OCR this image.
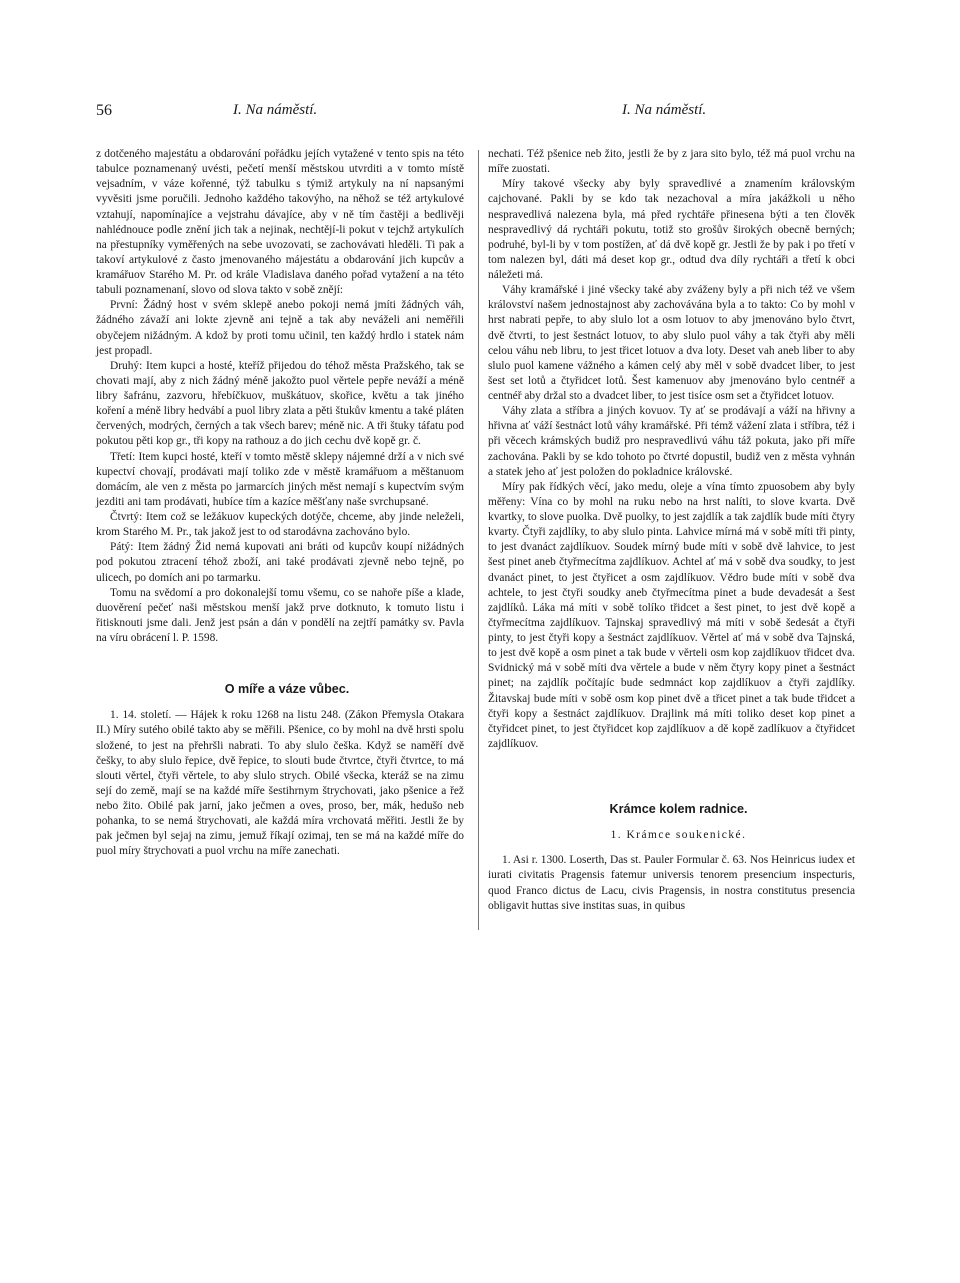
56	I. Na náměstí.	I. Na náměstí.

z dotčeného majestátu a obdarování pořádku jejích vytažené v tento spis na této tabulce poznamenaný uvésti, pečetí menší městskou utvrditi a v tomto místě vejsadním, v váze kořenné, týž tabulku s týmiž artykuly na ní napsanými vyvěsiti jsme poručili. Jednoho každého takovýho, na něhož se též artykulové vztahují, napomínajíce a vejstrahu dávajíce, aby v ně tím častěji a bedlivěji nahlédnouce podle znění jich tak a nejinak, nechtějí-li pokut v tejchž artykulích na přestupníky vyměřených na sebe uvozovati, se zachovávati hleděli. Ti pak a takoví artykulové z často jmenovaného májestátu a obdarování jich kupcův a kramářuov Starého M. Pr. od krále Vladislava daného pořad vytažení a na této tabuli poznamenaní, slovo od slova takto v sobě znějí:

První: Žádný host v svém sklepě anebo pokoji nemá jmíti žádných váh, žádného závaží ani lokte zjevně ani tejně a tak aby neváželi ani neměřili obyčejem nižádným. A kdož by proti tomu učinil, ten každý hrdlo i statek nám jest propadl.

Druhý: Item kupci a hosté, kteříž přijedou do téhož města Pražského, tak se chovati mají, aby z nich žádný méně jakožto puol věrtele pepře neváží a méně libry šafránu, zazvoru, hřebíčkuov, muškátuov, skořice, květu a tak jiného koření a méně libry hedvábí a puol libry zlata a pěti štukův kmentu a také pláten červených, modrých, černých a tak všech barev; méně nic. A tři štuky táfatu pod pokutou pěti kop gr., tři kopy na rathouz a do jich cechu dvě kopě gr. č.

Třetí: Item kupci hosté, kteří v tomto městě sklepy nájemné drží a v nich své kupectví chovají, prodávati mají toliko zde v městě kramářuom a měštanuom domácím, ale ven z města po jarmarcích jiných měst nemají s kupectvím svým jezditi ani tam prodávati, hubíce tím a kazíce měšťany naše svrchupsané.

Čtvrtý: Item což se ležákuov kupeckých dotýče, chceme, aby jinde neleželi, krom Starého M. Pr., tak jakož jest to od starodávna zachováno bylo.

Pátý: Item žádný Žid nemá kupovati ani bráti od kupcův koupí nižádných pod pokutou ztracení téhož zboží, ani také prodávati zjevně nebo tejně, po ulicech, po domích ani po tarmarku.

Tomu na svědomí a pro dokonalejší tomu všemu, co se nahoře píše a klade, duověrení pečeť naši městskou menší jakž prve dotknuto, k tomuto listu i řitisknouti jsme dali. Jenž jest psán a dán v pondělí na zejtří památky sv. Pavla na víru obrácení l. P. 1598.

O míře a váze vůbec.

1. 14. století. — Hájek k roku 1268 na listu 248. (Zákon Přemysla Otakara II.) Míry sutého obilé takto aby se měřili. Pšenice, co by mohl na dvě hrsti spolu složené, to jest na přehršli nabrati. To aby slulo češka. Když se naměří dvě češky, to aby slulo řepice, dvě řepice, to slouti bude čtvrtce, čtyři čtvrtce, to má slouti věrtel, čtyři věrtele, to aby slulo strych. Obilé všecka, kteráž se na zimu sejí do země, mají se na každé míře šestihrnym štrychovati, jako pšenice a řež nebo žito. Obilé pak jarní, jako ječmen a oves, proso, ber, mák, hedušo neb pohanka, to se nemá štrychovati, ale každá míra vrchovatá měřiti. Jestli že by pak ječmen byl sejaj na zimu, jemuž říkají ozimaj, ten se má na každé míře do puol míry štrychovati a puol vrchu na míře zanechati.

nechati. Též pšenice neb žito, jestli že by z jara sito bylo, též má puol vrchu na míře zuostati.

Míry takové všecky aby byly spravedlivé a znamením královským cajchované. Pakli by se kdo tak nezachoval a míra jakážkoli u něho nespravedlivá nalezena byla, má před rychtáře přinesena býti a ten člověk nespravedlivý dá rychtáři pokutu, totiž sto grošův širokých obecně berných; podruhé, byl-li by v tom postížen, ať dá dvě kopě gr. Jestli že by pak i po třetí v tom nalezen byl, dáti má deset kop gr., odtud dva díly rychtáři a třetí k obci náležeti má.

Váhy kramářské i jiné všecky také aby zváženy byly a při nich též ve všem království našem jednostajnost aby zachovávána byla a to takto: Co by mohl v hrst nabrati pepře, to aby slulo lot a osm lotuov to aby jmenováno bylo čtvrt, dvě čtvrti, to jest šestnáct lotuov, to aby slulo puol váhy a tak čtyři aby měli celou váhu neb libru, to jest třicet lotuov a dva loty. Deset vah aneb liber to aby slulo puol kamene vážného a kámen celý aby měl v sobě dvadcet liber, to jest šest set lotů a čtyřidcet lotů. Šest kamenuov aby jmenováno bylo centnéř a centnéř aby držal sto a dvadcet liber, to jest tisíce osm set a čtyřidcet lotuov.

Váhy zlata a stříbra a jiných kovuov. Ty ať se prodávají a váží na hřivny a hřivna ať váží šestnáct lotů váhy kramářské. Při témž vážení zlata i stříbra, též i při věcech krámských budiž pro nespravedlivú váhu táž pokuta, jako při míře zachována. Pakli by se kdo tohoto po čtvrté dopustil, budiž ven z města vyhnán a statek jeho ať jest položen do pokladnice královské.

Míry pak řídkých věcí, jako medu, oleje a vína tímto zpuosobem aby byly měřeny: Vína co by mohl na ruku nebo na hrst nalíti, to slove kvarta. Dvě kvartky, to slove puolka. Dvě puolky, to jest zajdlík a tak zajdlík bude míti čtyry kvarty. Čtyři zajdlíky, to aby slulo pinta. Lahvice mírná má v sobě míti tři pinty, to jest dvanáct zajdlíkuov. Soudek mírný bude míti v sobě dvě lahvice, to jest šest pinet aneb čtyřmecítma zajdlíkuov. Achtel ať má v sobě dva soudky, to jest dvanáct pinet, to jest čtyřicet a osm zajdlíkuov. Vědro bude míti v sobě dva achtele, to jest čtyři soudky aneb čtyřmecítma pinet a bude devadesát a šest zajdlíků. Láka má míti v sobě tolíko třidcet a šest pinet, to jest dvě kopě a čtyřmecítma zajdlíkuov. Tajnskaj spravedlivý má míti v sobě šedesát a čtyři pinty, to jest čtyři kopy a šestnáct zajdlíkuov. Věrtel ať má v sobě dva Tajnská, to jest dvě kopě a osm pinet a tak bude v věrteli osm kop zajdlíkuov třidcet dva. Svidnický má v sobě míti dva věrtele a bude v něm čtyry kopy pinet a šestnáct pinet; na zajdlík počítajíc bude sedmnáct kop zajdlíkuov a čtyři zajdlíky. Žitavskaj bude míti v sobě osm kop pinet dvě a třicet pinet a tak bude třidcet a čtyři kopy a šestnáct zajdlíkuov. Drajlink má míti toliko deset kop pinet a čtyřidcet pinet, to jest čtyřidcet kop zajdlíkuov a dě kopě zadlíkuov a čtyřidcet zajdlíkuov.

Krámce kolem radnice.

1. Krámce soukenické.

1. Asi r. 1300. Loserth, Das st. Pauler Formular č. 63. Nos Heinricus iudex et iurati civitatis Pragensis fatemur universis tenorem presencium inspecturis, quod Franco dictus de Lacu, civis Pragensis, in nostra constitutus presencia obligavit huttas sive institas suas, in quibus
